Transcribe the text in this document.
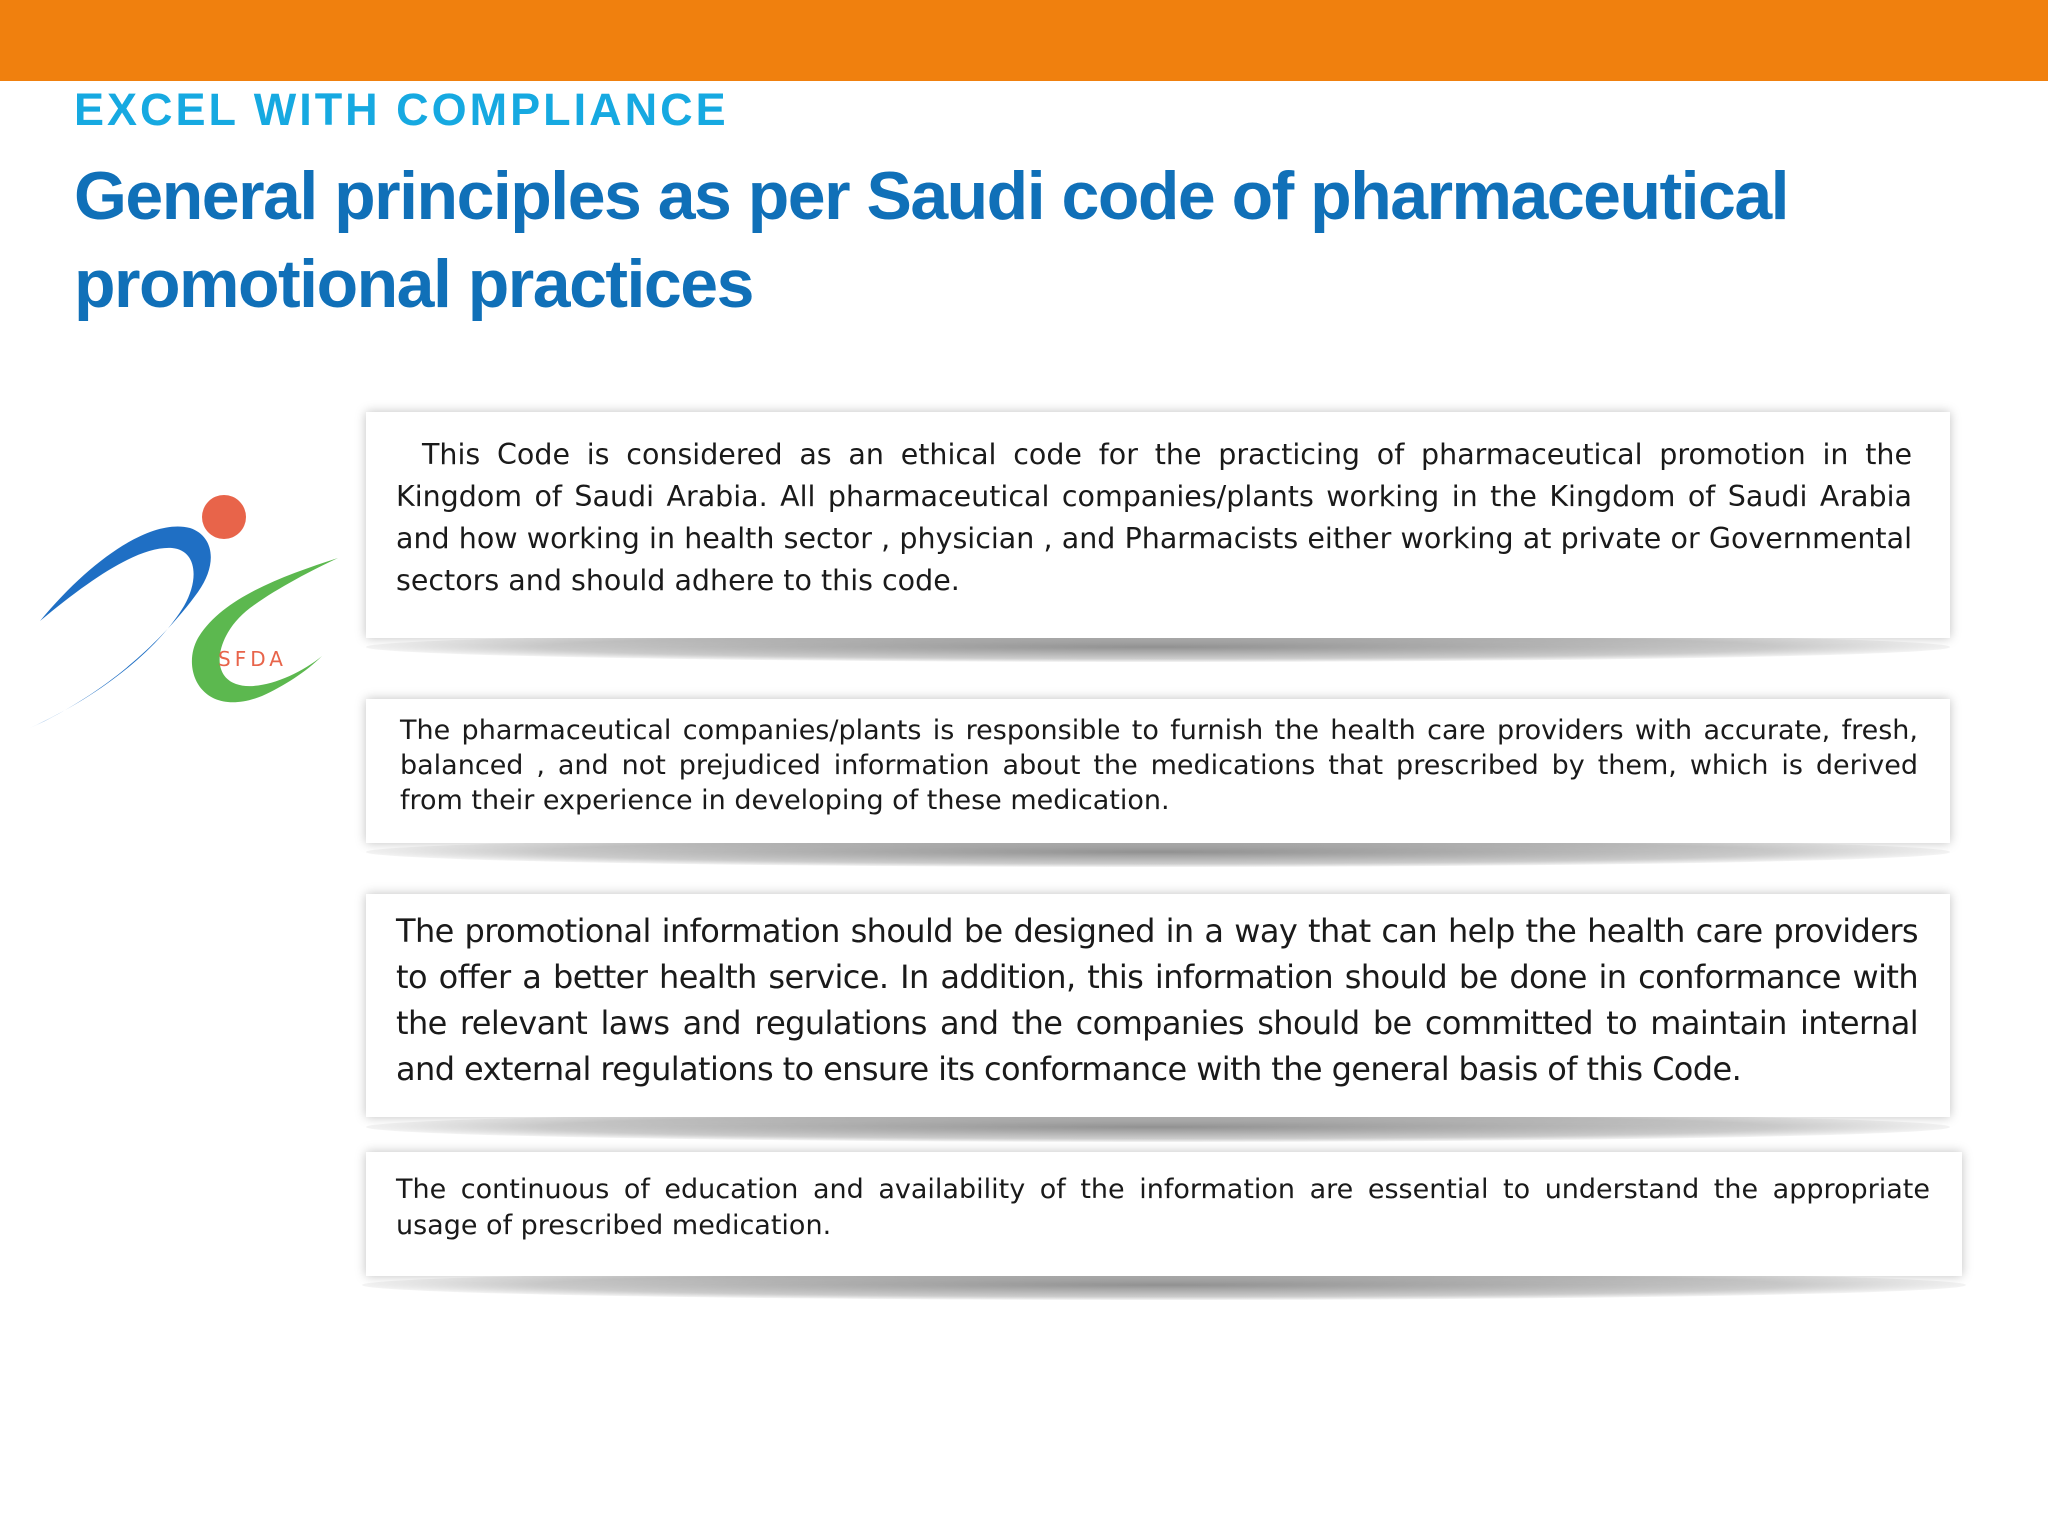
EXCEL WITH COMPLIANCE
General principles as per Saudi code of pharmaceutical promotional practices
SFDA
This Code is considered as an ethical code for the practicing of pharmaceutical promotion in the Kingdom of Saudi Arabia. All pharmaceutical companies/plants working in the Kingdom of Saudi Arabia and how working in health sector , physician , and Pharmacists either working at private or Governmental sectors and should adhere to this code.
The pharmaceutical companies/plants is responsible to furnish the health care providers with accurate, fresh, balanced , and not prejudiced information about the medications that prescribed by them, which is derived from their experience in developing of these medication.
The promotional information should be designed in a way that can help the health care providers to offer a better health service. In addition, this information should be done in conformance with the relevant laws and regulations and the companies should be committed to maintain internal and external regulations to ensure its conformance with the general basis of this Code.
The continuous of education and availability of the information are essential to understand the appropriate usage of prescribed medication.
